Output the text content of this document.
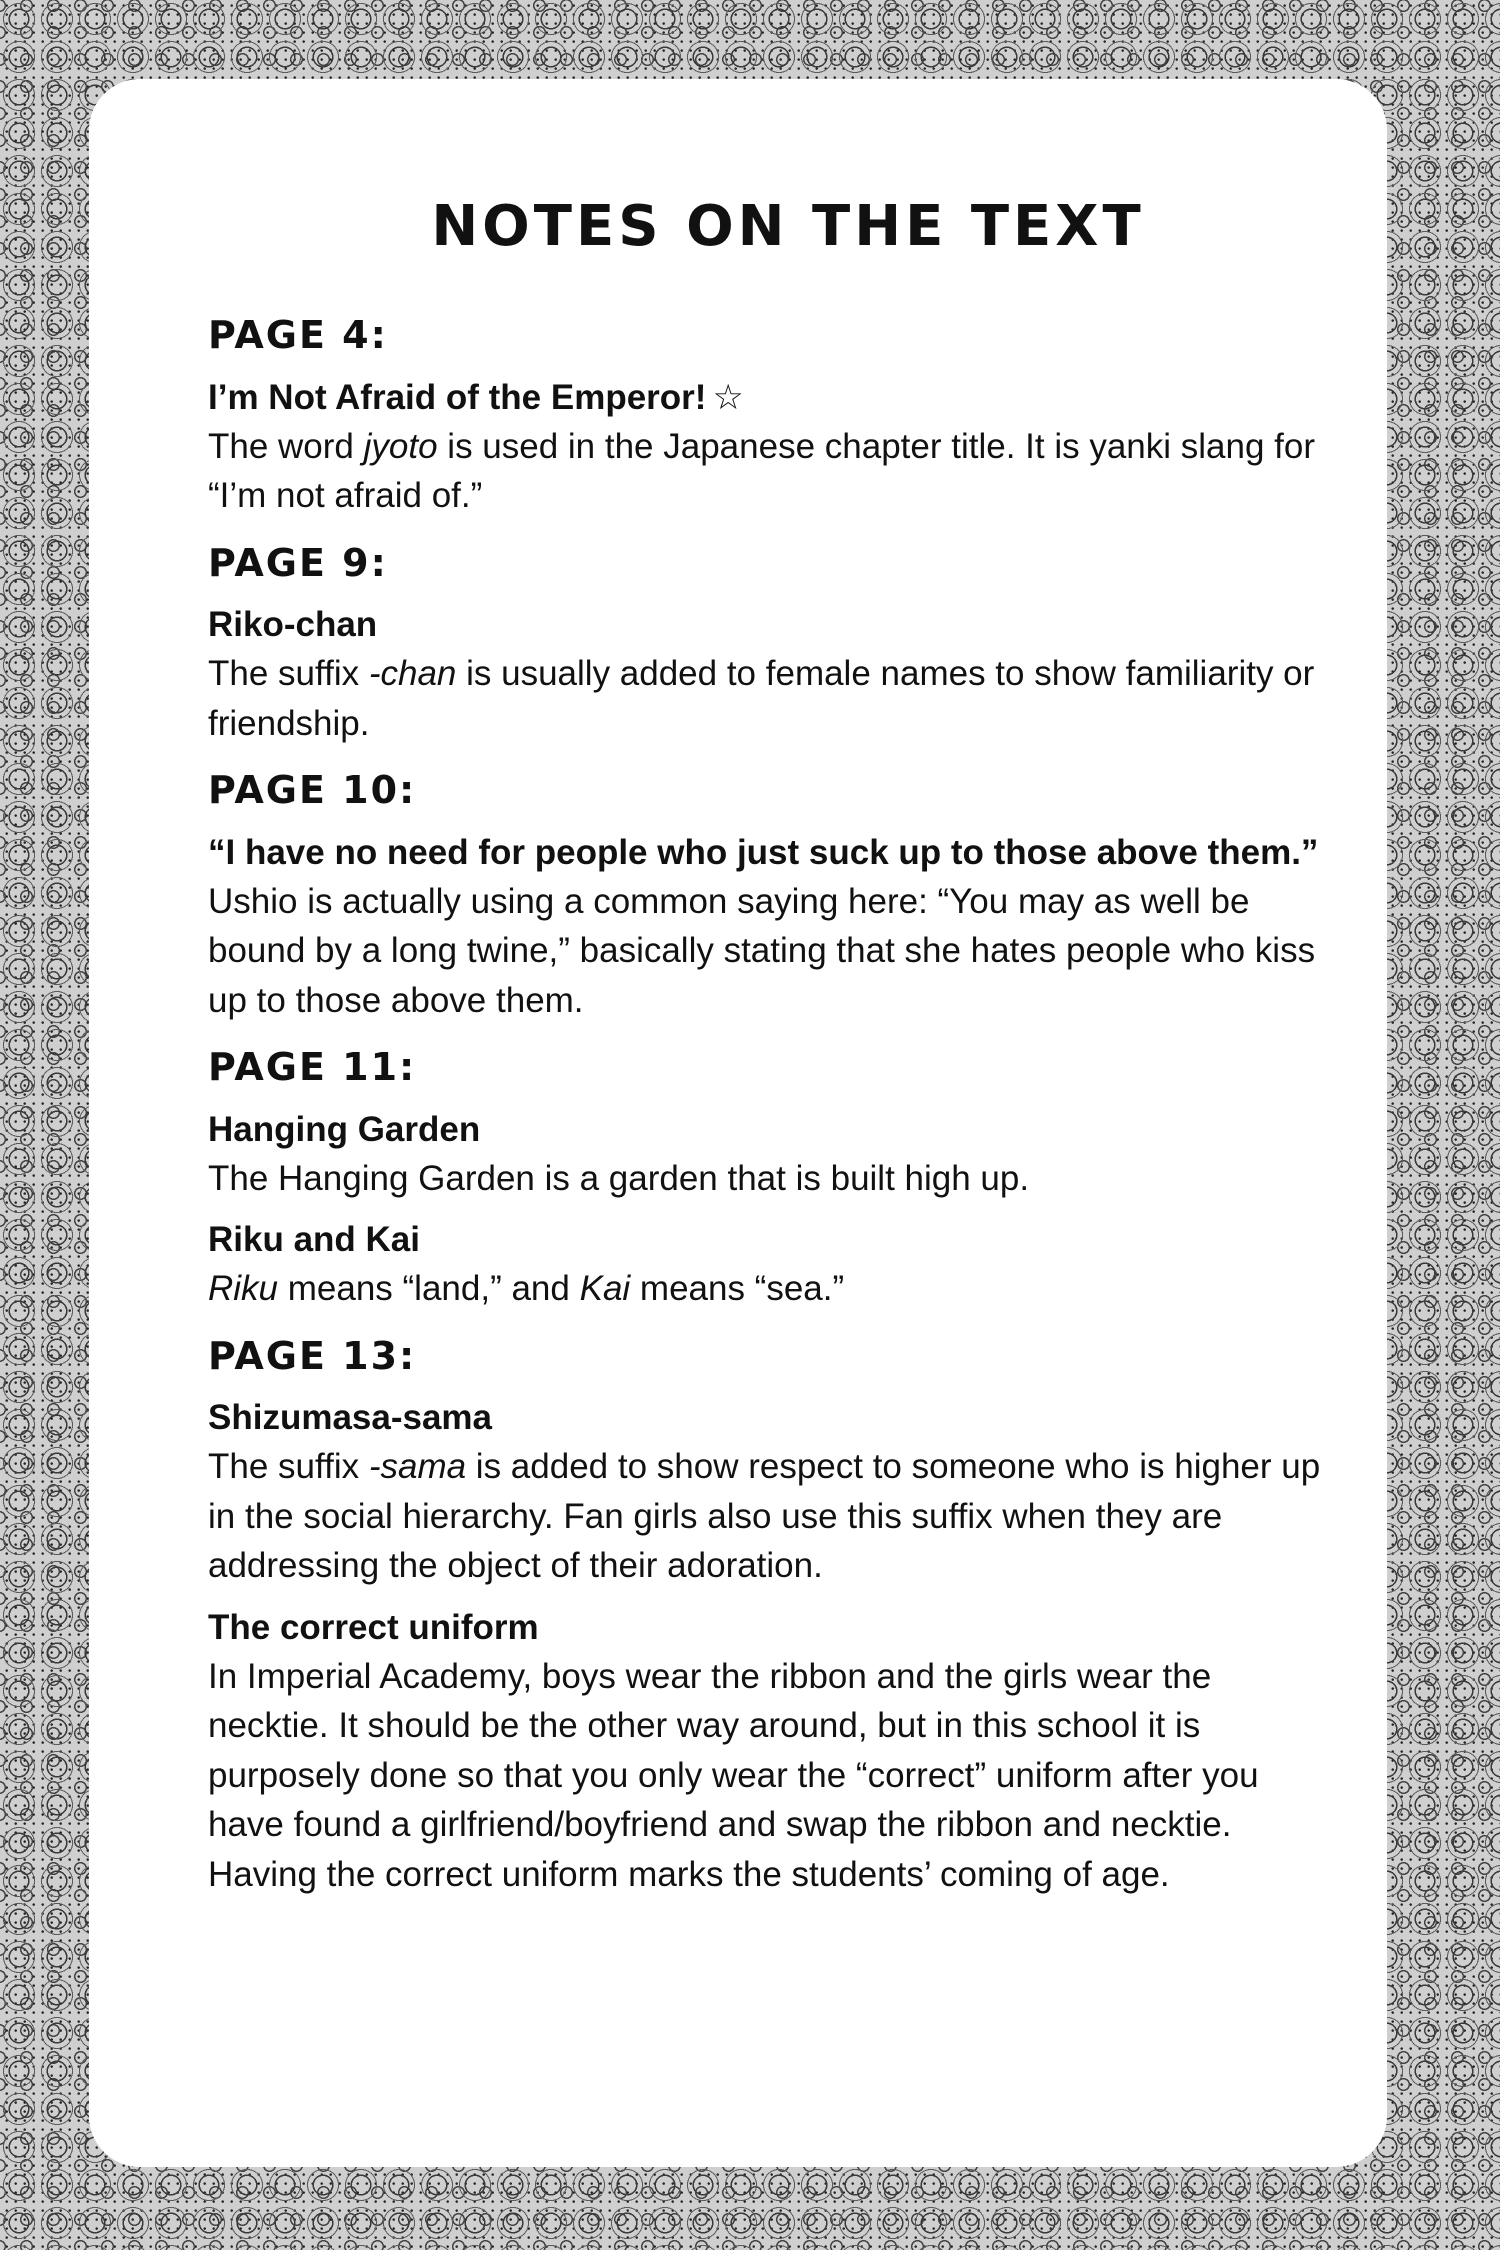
NOTES ON THE TEXT
PAGE 4:
I’m Not Afraid of the Emperor! ☆
The word jyoto is used in the Japanese chapter title. It is yanki slang for “I’m not afraid of.”
PAGE 9:
Riko-chan
The suffix -chan is usually added to female names to show familiarity or friendship.
PAGE 10:
“I have no need for people who just suck up to those above them.”
Ushio is actually using a common saying here: “You may as well be bound by a long twine,” basically stating that she hates people who kiss up to those above them.
PAGE 11:
Hanging Garden
The Hanging Garden is a garden that is built high up.
Riku and Kai
Riku means “land,” and Kai means “sea.”
PAGE 13:
Shizumasa-sama
The suffix -sama is added to show respect to someone who is higher up in the social hierarchy. Fan girls also use this suffix when they are addressing the object of their adoration.
The correct uniform
In Imperial Academy, boys wear the ribbon and the girls wear the necktie. It should be the other way around, but in this school it is purposely done so that you only wear the “correct” uniform after you have found a girlfriend/boyfriend and swap the ribbon and necktie. Having the correct uniform marks the students’ coming of age.
